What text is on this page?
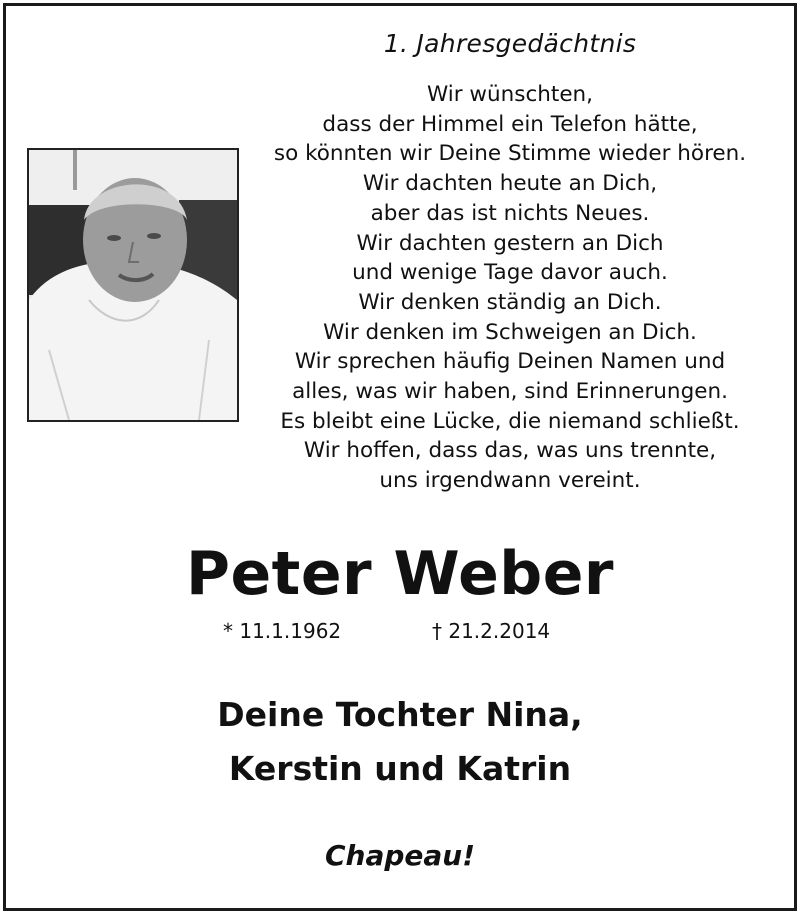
1. Jahresgedächtnis
Wir wünschten,
dass der Himmel ein Telefon hätte,
so könnten wir Deine Stimme wieder hören.
Wir dachten heute an Dich,
aber das ist nichts Neues.
Wir dachten gestern an Dich
und wenige Tage davor auch.
Wir denken ständig an Dich.
Wir denken im Schweigen an Dich.
Wir sprechen häufig Deinen Namen und
alles, was wir haben, sind Erinnerungen.
Es bleibt eine Lücke, die niemand schließt.
Wir hoffen, dass das, was uns trennte,
uns irgendwann vereint.
Peter Weber
* 11.1.1962	† 21.2.2014
Deine Tochter Nina,
Kerstin und Katrin
Chapeau!
